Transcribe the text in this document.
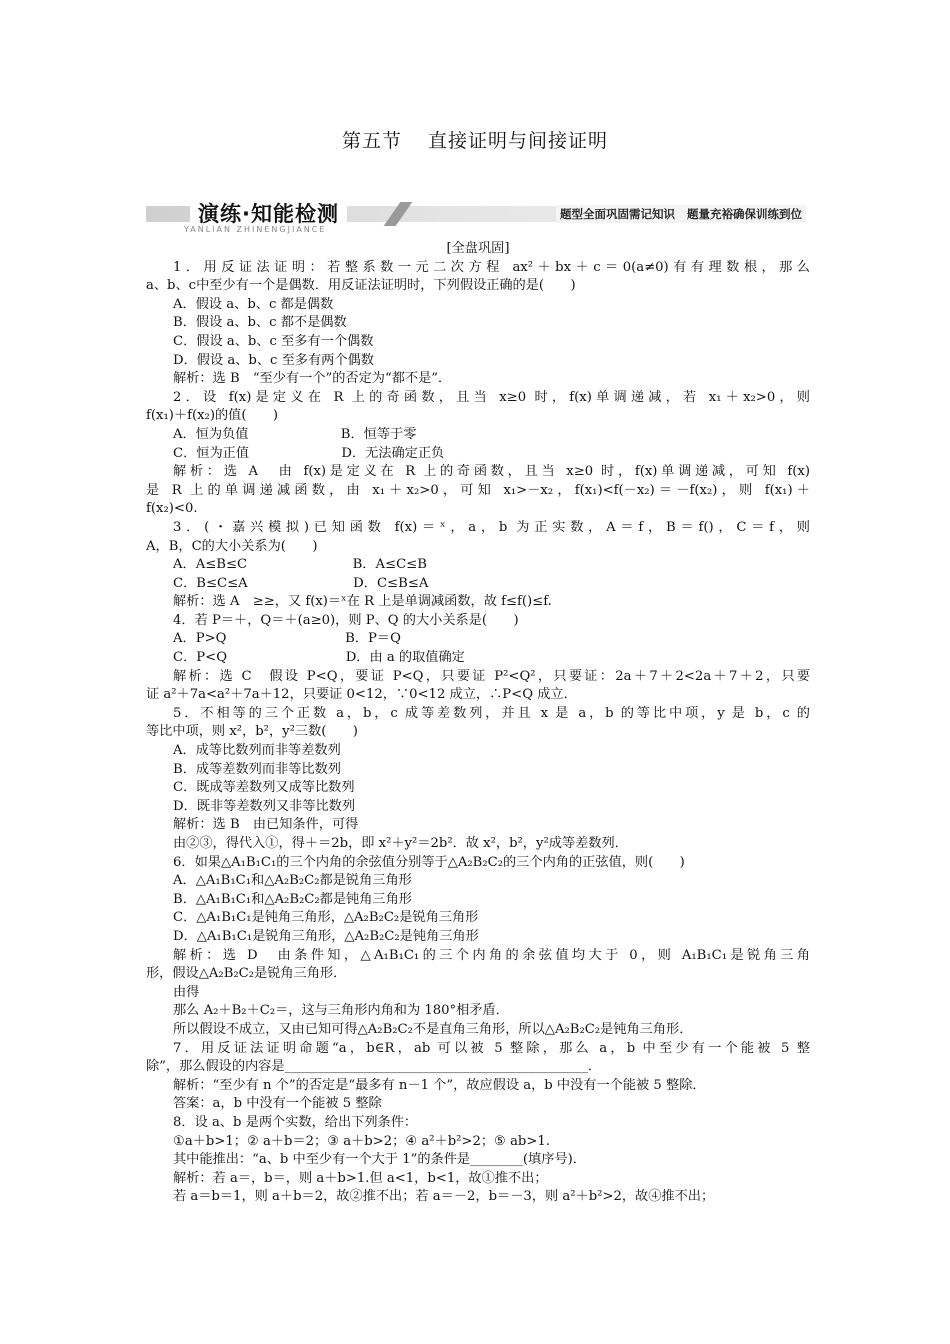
第五节 直接证明与间接证明
演练·知能检测
YANLIAN ZHINENGJIANCE
题型全面巩固需记知识 题量充裕确保训练到位
[全盘巩固]
1．用反证法证明：若整系数一元二次方程 ax²＋bx＋c＝0(a≠0)有有理数根，那么
a、b、c中至少有一个是偶数．用反证法证明时，下列假设正确的是(　　)
A．假设 a、b、c 都是偶数
B．假设 a、b、c 都不是偶数
C．假设 a、b、c 至多有一个偶数
D．假设 a、b、c 至多有两个偶数
解析：选 B　“至少有一个”的否定为“都不是”．
2．设 f(x)是定义在 R 上的奇函数，且当 x≥0 时，f(x)单调递减，若 x₁＋x₂>0，则
f(x₁)＋f(x₂)的值(　　)
A．恒为负值　　　　　　　B．恒等于零
C．恒为正值　　　　　　　D．无法确定正负
解析：选 A　由 f(x)是定义在 R 上的奇函数，且当 x≥0 时，f(x)单调递减，可知 f(x)
是 R 上的单调递减函数，由 x₁＋x₂>0，可知 x₁>－x₂，f(x₁)<f(－x₂)＝－f(x₂)，则 f(x₁)＋
f(x₂)<0.
3．(・嘉兴模拟)已知函数 f(x)＝ˣ，a，b 为正实数，A＝f，B＝f()，C＝f，则
A，B，C的大小关系为(　　)
A．A≤B≤C　　　　　　　　B．A≤C≤B
C．B≤C≤A　　　　　　　　D．C≤B≤A
解析：选 A　≥≥，又 f(x)＝ˣ在 R 上是单调减函数，故 f≤f()≤f.
4．若 P＝＋，Q＝＋(a≥0)，则 P、Q 的大小关系是(　　)
A．P>Q　　　　　　　　　B．P＝Q
C．P<Q　　　　　　　　　D．由 a 的取值确定
解析：选 C　假设 P<Q，要证 P<Q，只要证 P²<Q²，只要证：2a＋7＋2<2a＋7＋2，只要
证 a²＋7a<a²＋7a＋12，只要证 0<12，∵0<12 成立，∴P<Q 成立．
5．不相等的三个正数 a，b，c 成等差数列，并且 x 是 a，b 的等比中项，y 是 b，c 的
等比中项，则 x²，b²，y²三数(　　)
A．成等比数列而非等差数列
B．成等差数列而非等比数列
C．既成等差数列又成等比数列
D．既非等差数列又非等比数列
解析：选 B　由已知条件，可得
由②③，得代入①，得＋＝2b，即 x²＋y²＝2b²．故 x²，b²，y²成等差数列．
6．如果△A₁B₁C₁的三个内角的余弦值分别等于△A₂B₂C₂的三个内角的正弦值，则(　　)
A．△A₁B₁C₁和△A₂B₂C₂都是锐角三角形
B．△A₁B₁C₁和△A₂B₂C₂都是钝角三角形
C．△A₁B₁C₁是钝角三角形，△A₂B₂C₂是锐角三角形
D．△A₁B₁C₁是锐角三角形，△A₂B₂C₂是钝角三角形
解析：选 D　由条件知，△A₁B₁C₁的三个内角的余弦值均大于 0，则 A₁B₁C₁是锐角三角
形，假设△A₂B₂C₂是锐角三角形．
由得
那么 A₂＋B₂＋C₂＝，这与三角形内角和为 180°相矛盾．
所以假设不成立，又由已知可得△A₂B₂C₂不是直角三角形，所以△A₂B₂C₂是钝角三角形．
7．用反证法证明命题“a，b∈R，ab 可以被 5 整除，那么 a，b 中至少有一个能被 5 整
除”，那么假设的内容是______________________________________________．
解析：“至少有 n 个”的否定是“最多有 n－1 个”，故应假设 a，b 中没有一个能被 5 整除．
答案：a，b 中没有一个能被 5 整除
8．设 a、b 是两个实数，给出下列条件：
①a＋b>1；② a＋b＝2；③ a＋b>2；④ a²＋b²>2；⑤ ab>1.
其中能推出：“a、b 中至少有一个大于 1”的条件是________(填序号)．
解析：若 a＝，b＝，则 a＋b>1.但 a<1，b<1，故①推不出；
若 a＝b＝1，则 a＋b＝2，故②推不出；若 a＝－2，b＝－3，则 a²＋b²>2，故④推不出；
